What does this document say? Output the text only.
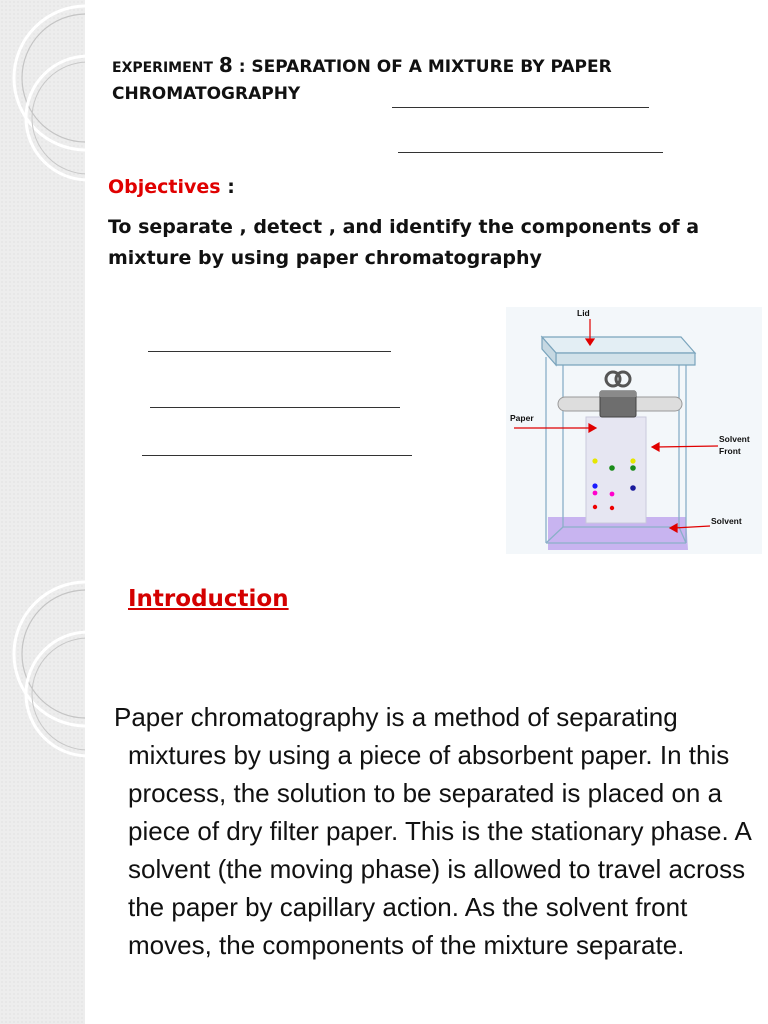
EXPERIMENT 8 : SEPARATION OF A MIXTURE BY PAPER CHROMATOGRAPHY
Objectives :
To separate , detect , and identify the components of a mixture by using paper chromatography
Lid
Paper
Solvent
Front
Solvent
Introduction
Paper chromatography is a method of separating mixtures by using a piece of absorbent paper. In this process, the solution to be separated is placed on a piece of dry filter paper. This is the stationary phase. A solvent (the moving phase) is allowed to travel across the paper by capillary action. As the solvent front moves, the components of the mixture separate.
